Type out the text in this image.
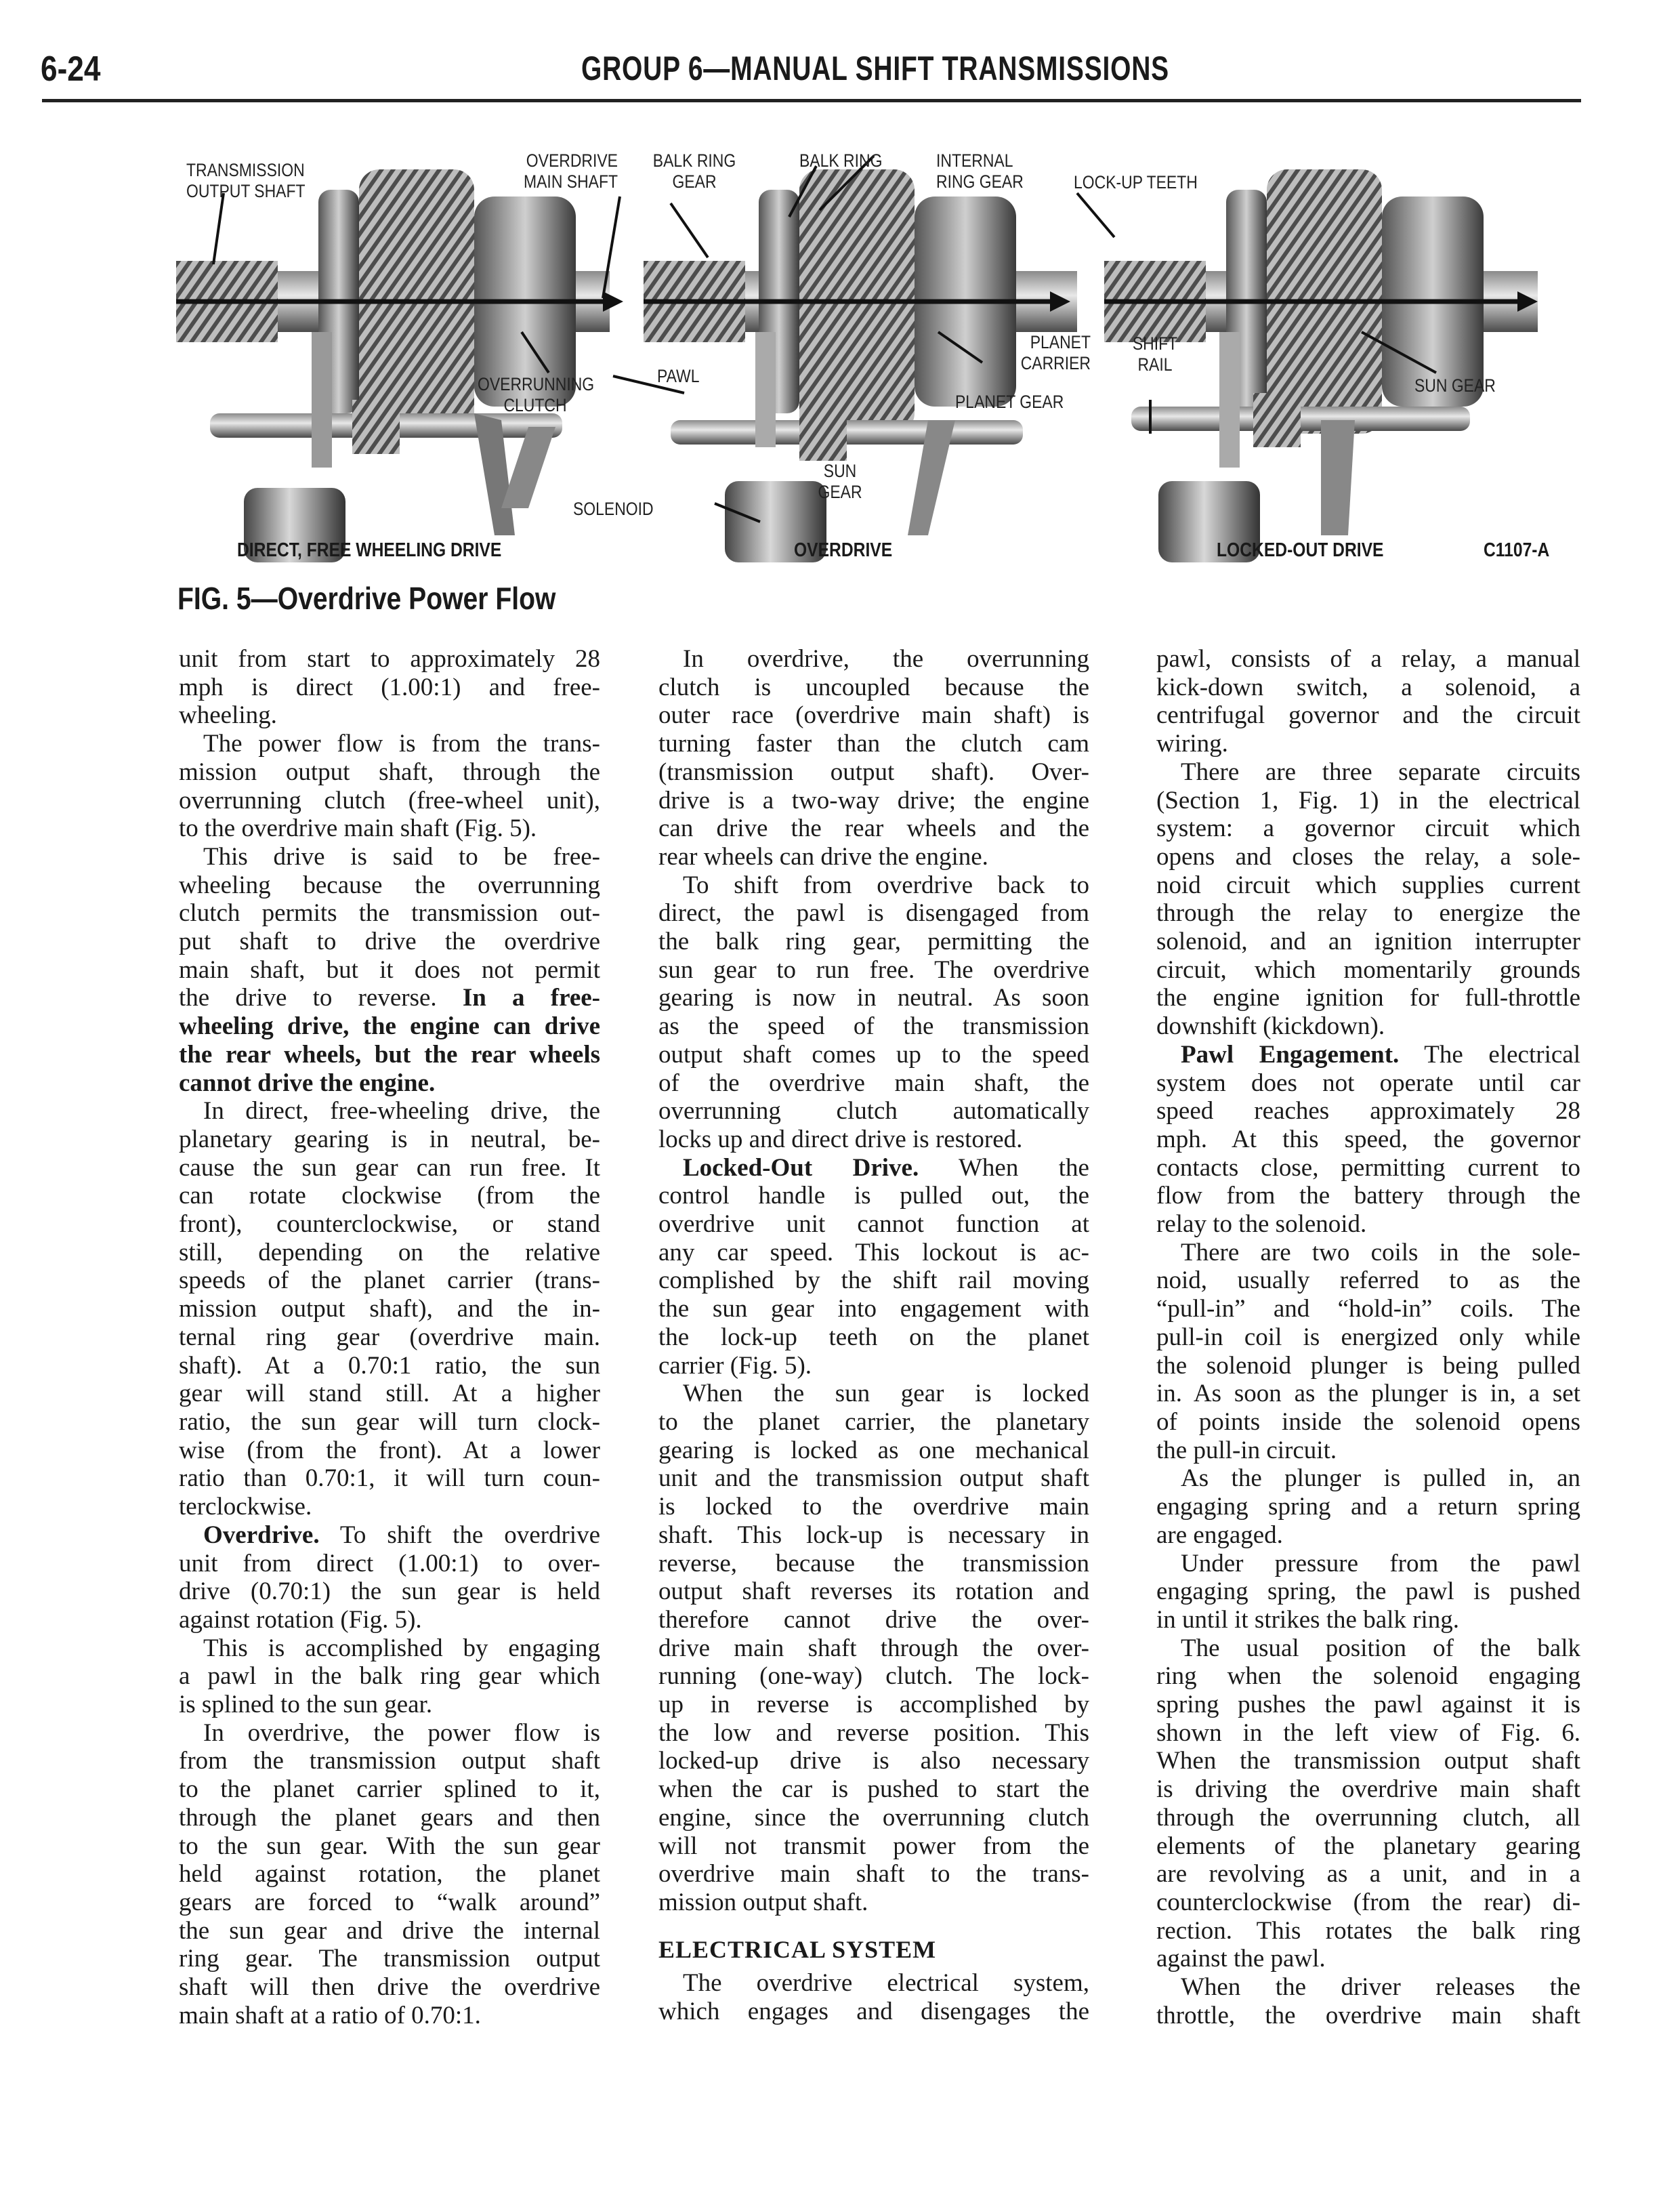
6-24	GROUP 6—MANUAL SHIFT TRANSMISSIONS
TRANSMISSION
OUTPUT SHAFT
OVERDRIVE
MAIN SHAFT
OVERRUNNING
CLUTCH
SOLENOID
BALK RING
GEAR
BALK RING	INTERNAL
RING GEAR	LOCK-UP TEETH
PLANET
CARRIER
PAWL
PLANET GEAR
SUN
GEAR
SHIFT
RAIL
SUN GEAR
DIRECT, FREE WHEELING DRIVE	OVERDRIVE	LOCKED-OUT DRIVE	C1107-A
FIG. 5—Overdrive Power Flow
unit from start to approximately 28
mph is direct (1.00:1) and free-
wheeling.
The power flow is from the trans-
mission output shaft, through the
overrunning clutch (free-wheel unit),
to the overdrive main shaft (Fig. 5).
This drive is said to be free-
wheeling because the overrunning
clutch permits the transmission out-
put shaft to drive the overdrive
main shaft, but it does not permit
the drive to reverse. In a free-
wheeling drive, the engine can drive
the rear wheels, but the rear wheels
cannot drive the engine.
In direct, free-wheeling drive, the
planetary gearing is in neutral, be-
cause the sun gear can run free. It
can rotate clockwise (from the
front), counterclockwise, or stand
still, depending on the relative
speeds of the planet carrier (trans-
mission output shaft), and the in-
ternal ring gear (overdrive main.
shaft). At a 0.70:1 ratio, the sun
gear will stand still. At a higher
ratio, the sun gear will turn clock-
wise (from the front). At a lower
ratio than 0.70:1, it will turn coun-
terclockwise.
Overdrive. To shift the overdrive
unit from direct (1.00:1) to over-
drive (0.70:1) the sun gear is held
against rotation (Fig. 5).
This is accomplished by engaging
a pawl in the balk ring gear which
is splined to the sun gear.
In overdrive, the power flow is
from the transmission output shaft
to the planet carrier splined to it,
through the planet gears and then
to the sun gear. With the sun gear
held against rotation, the planet
gears are forced to “walk around”
the sun gear and drive the internal
ring gear. The transmission output
shaft will then drive the overdrive
main shaft at a ratio of 0.70:1.
In overdrive, the overrunning
clutch is uncoupled because the
outer race (overdrive main shaft) is
turning faster than the clutch cam
(transmission output shaft). Over-
drive is a two-way drive; the engine
can drive the rear wheels and the
rear wheels can drive the engine.
To shift from overdrive back to
direct, the pawl is disengaged from
the balk ring gear, permitting the
sun gear to run free. The overdrive
gearing is now in neutral. As soon
as the speed of the transmission
output shaft comes up to the speed
of the overdrive main shaft, the
overrunning clutch automatically
locks up and direct drive is restored.
Locked-Out Drive. When the
control handle is pulled out, the
overdrive unit cannot function at
any car speed. This lockout is ac-
complished by the shift rail moving
the sun gear into engagement with
the lock-up teeth on the planet
carrier (Fig. 5).
When the sun gear is locked
to the planet carrier, the planetary
gearing is locked as one mechanical
unit and the transmission output shaft
is locked to the overdrive main
shaft. This lock-up is necessary in
reverse, because the transmission
output shaft reverses its rotation and
therefore cannot drive the over-
drive main shaft through the over-
running (one-way) clutch. The lock-
up in reverse is accomplished by
the low and reverse position. This
locked-up drive is also necessary
when the car is pushed to start the
engine, since the overrunning clutch
will not transmit power from the
overdrive main shaft to the trans-
mission output shaft.
ELECTRICAL SYSTEM
The overdrive electrical system,
which engages and disengages the
pawl, consists of a relay, a manual
kick-down switch, a solenoid, a
centrifugal governor and the circuit
wiring.
There are three separate circuits
(Section 1, Fig. 1) in the electrical
system: a governor circuit which
opens and closes the relay, a sole-
noid circuit which supplies current
through the relay to energize the
solenoid, and an ignition interrupter
circuit, which momentarily grounds
the engine ignition for full-throttle
downshift (kickdown).
Pawl Engagement. The electrical
system does not operate until car
speed reaches approximately 28
mph. At this speed, the governor
contacts close, permitting current to
flow from the battery through the
relay to the solenoid.
There are two coils in the sole-
noid, usually referred to as the
“pull-in” and “hold-in” coils. The
pull-in coil is energized only while
the solenoid plunger is being pulled
in. As soon as the plunger is in, a set
of points inside the solenoid opens
the pull-in circuit.
As the plunger is pulled in, an
engaging spring and a return spring
are engaged.
Under pressure from the pawl
engaging spring, the pawl is pushed
in until it strikes the balk ring.
The usual position of the balk
ring when the solenoid engaging
spring pushes the pawl against it is
shown in the left view of Fig. 6.
When the transmission output shaft
is driving the overdrive main shaft
through the overrunning clutch, all
elements of the planetary gearing
are revolving as a unit, and in a
counterclockwise (from the rear) di-
rection. This rotates the balk ring
against the pawl.
When the driver releases the
throttle, the overdrive main shaft
